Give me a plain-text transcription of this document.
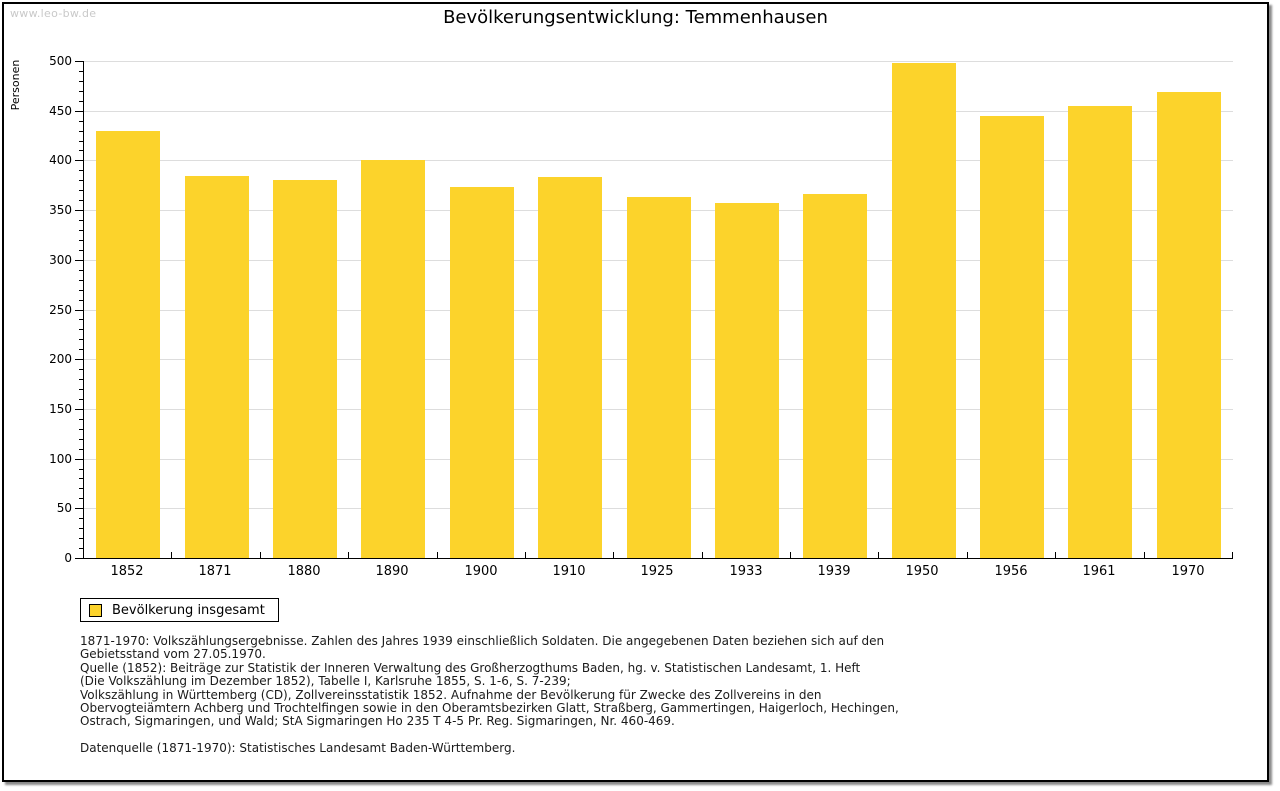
www.leo-bw.de	Bevölkerungsentwicklung: Temmenhausen
Personen
0
50
100
150
200
250
300
350
400
450
500
1852	1871	1880	1890	1900	1910	1925	1933	1939	1950	1956	1961	1970
Bevölkerung insgesamt
1871-1970: Volkszählungsergebnisse. Zahlen des Jahres 1939 einschließlich Soldaten. Die angegebenen Daten beziehen sich auf den
Gebietsstand vom 27.05.1970.
Quelle (1852): Beiträge zur Statistik der Inneren Verwaltung des Großherzogthums Baden, hg. v. Statistischen Landesamt, 1. Heft
(Die Volkszählung im Dezember 1852), Tabelle I, Karlsruhe 1855, S. 1-6, S. 7-239;
Volkszählung in Württemberg (CD), Zollvereinsstatistik 1852. Aufnahme der Bevölkerung für Zwecke des Zollvereins in den
Obervogteiämtern Achberg und Trochtelfingen sowie in den Oberamtsbezirken Glatt, Straßberg, Gammertingen, Haigerloch, Hechingen,
Ostrach, Sigmaringen, und Wald; StA Sigmaringen Ho 235 T 4-5 Pr. Reg. Sigmaringen, Nr. 460-469.

Datenquelle (1871-1970): Statistisches Landesamt Baden-Württemberg.
